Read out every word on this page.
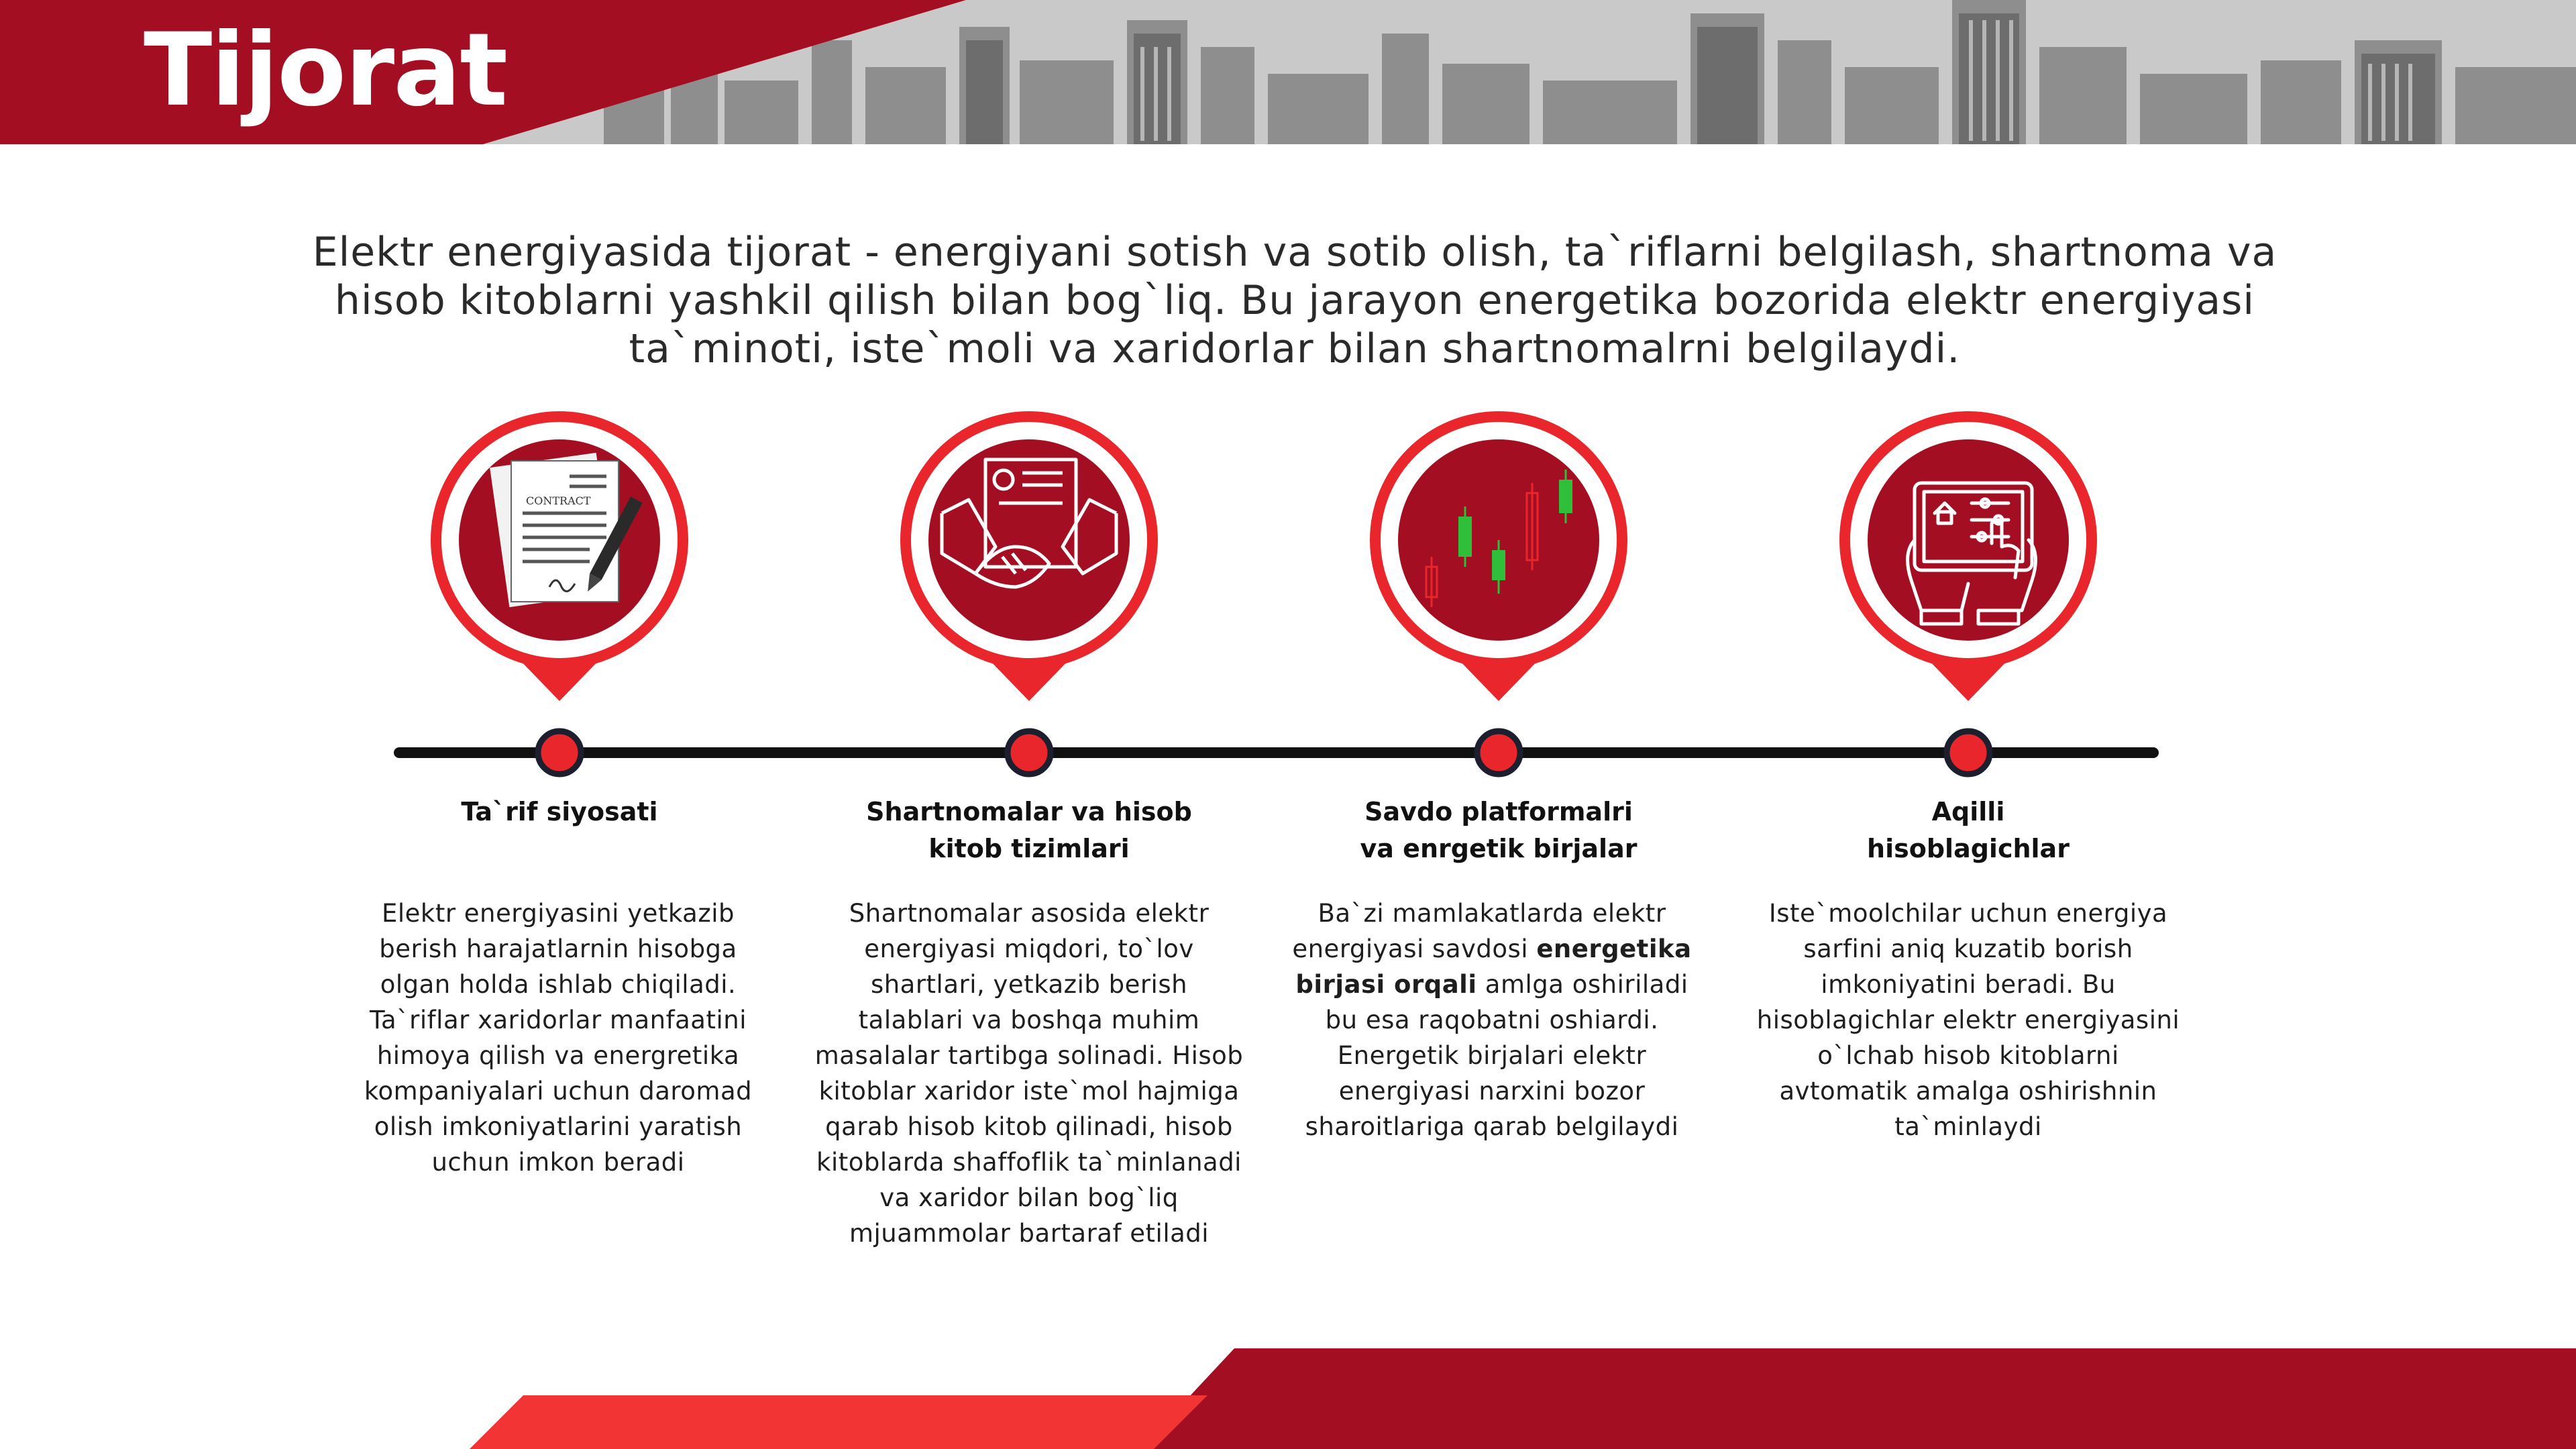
Tijorat
Elektr energiyasida tijorat - energiyani sotish va sotib olish, ta`riflarni belgilash, shartnoma va hisob kitoblarni yashkil qilish bilan bog`liq. Bu jarayon energetika bozorida elektr energiyasi ta`minoti, iste`moli va xaridorlar bilan shartnomalrni belgilaydi.
CONTRACT
Ta`rif siyosati	Shartnomalar va hisob
kitob tizimlari
Savdo platformalri
va enrgetik birjalar
Aqilli
hisoblagichlar
Elektr energiyasini yetkazib berish harajatlarnin hisobga olgan holda ishlab chiqiladi. Ta`riflar xaridorlar manfaatini himoya qilish va energretika kompaniyalari uchun daromad olish imkoniyatlarini yaratish uchun imkon beradi
Shartnomalar asosida elektr energiyasi miqdori, to`lov shartlari, yetkazib berish talablari va boshqa muhim masalalar tartibga solinadi. Hisob kitoblar xaridor iste`mol hajmiga qarab hisob kitob qilinadi, hisob kitoblarda shaffoflik ta`minlanadi va xaridor bilan bog`liq mjuammolar bartaraf etiladi
Ba`zi mamlakatlarda elektr energiyasi savdosi energetika birjasi orqali amlga oshiriladi bu esa raqobatni oshiardi. Energetik birjalari elektr energiyasi narxini bozor sharoitlariga qarab belgilaydi
Iste`moolchilar uchun energiya sarfini aniq kuzatib borish imkoniyatini beradi. Bu hisoblagichlar elektr energiyasini o`lchab hisob kitoblarni avtomatik amalga oshirishnin ta`minlaydi
